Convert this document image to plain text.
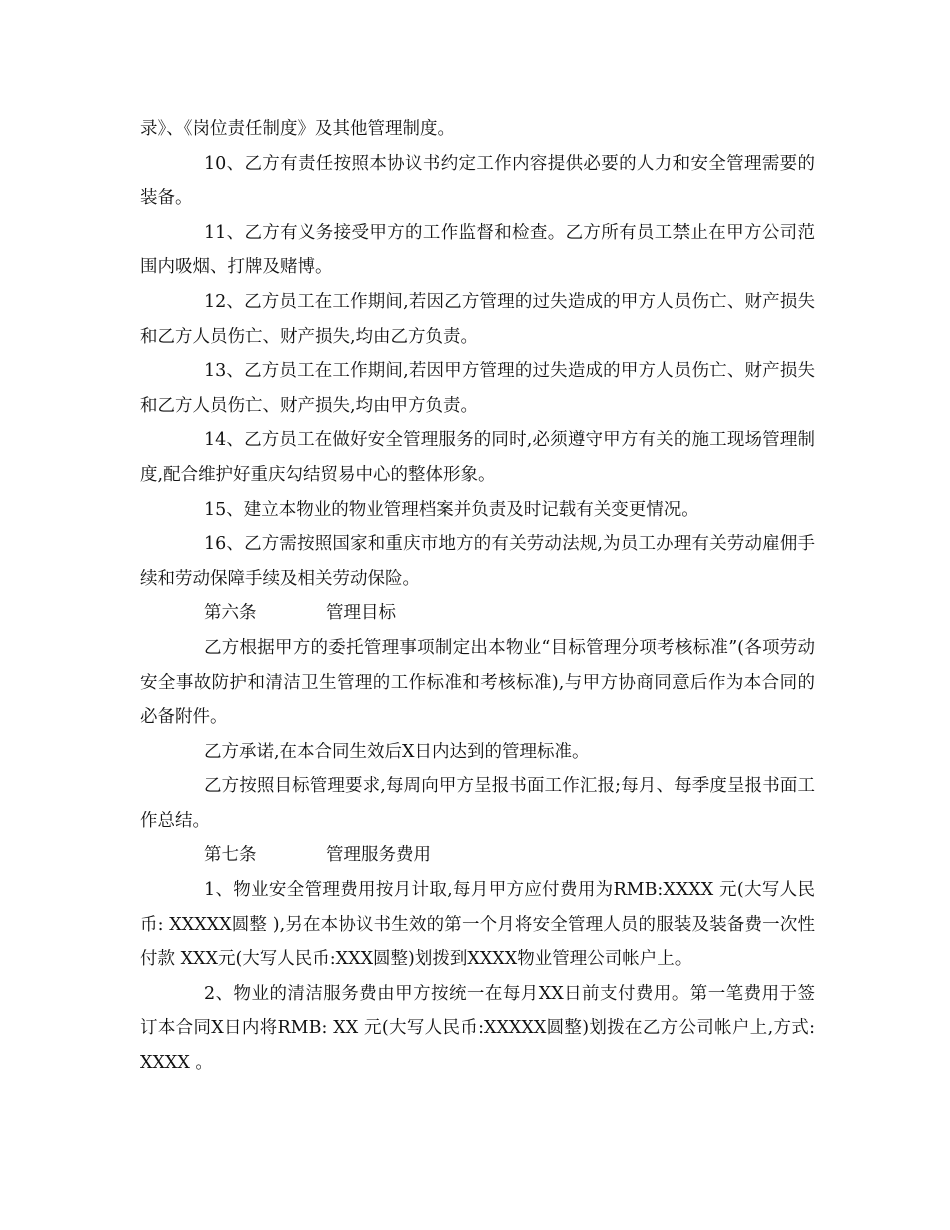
录》、《岗位责任制度》及其他管理制度。

10、乙方有责任按照本协议书约定工作内容提供必要的人力和安全管理需要的装备。

11、乙方有义务接受甲方的工作监督和检查。乙方所有员工禁止在甲方公司范围内吸烟、打牌及赌博。

12、乙方员工在工作期间,若因乙方管理的过失造成的甲方人员伤亡、财产损失和乙方人员伤亡、财产损失,均由乙方负责。

13、乙方员工在工作期间,若因甲方管理的过失造成的甲方人员伤亡、财产损失和乙方人员伤亡、财产损失,均由甲方负责。

14、乙方员工在做好安全管理服务的同时,必须遵守甲方有关的施工现场管理制度,配合维护好重庆勾结贸易中心的整体形象。

15、建立本物业的物业管理档案并负责及时记载有关变更情况。

16、乙方需按照国家和重庆市地方的有关劳动法规,为员工办理有关劳动雇佣手续和劳动保障手续及相关劳动保险。

第六条	管理目标

乙方根据甲方的委托管理事项制定出本物业“目标管理分项考核标准”(各项劳动安全事故防护和清洁卫生管理的工作标准和考核标准),与甲方协商同意后作为本合同的必备附件。

乙方承诺,在本合同生效后X日内达到的管理标准。

乙方按照目标管理要求,每周向甲方呈报书面工作汇报;每月、每季度呈报书面工作总结。

第七条	管理服务费用

1、物业安全管理费用按月计取,每月甲方应付费用为RMB:XXXX 元(大写人民币: XXXXX圆整 ),另在本协议书生效的第一个月将安全管理人员的服装及装备费一次性付款 XXX元(大写人民币:XXX圆整)划拨到XXXX物业管理公司帐户上。

2、物业的清洁服务费由甲方按统一在每月XX日前支付费用。第一笔费用于签订本合同X日内将RMB: XX 元(大写人民币:XXXXX圆整)划拨在乙方公司帐户上,方式: XXXX 。
